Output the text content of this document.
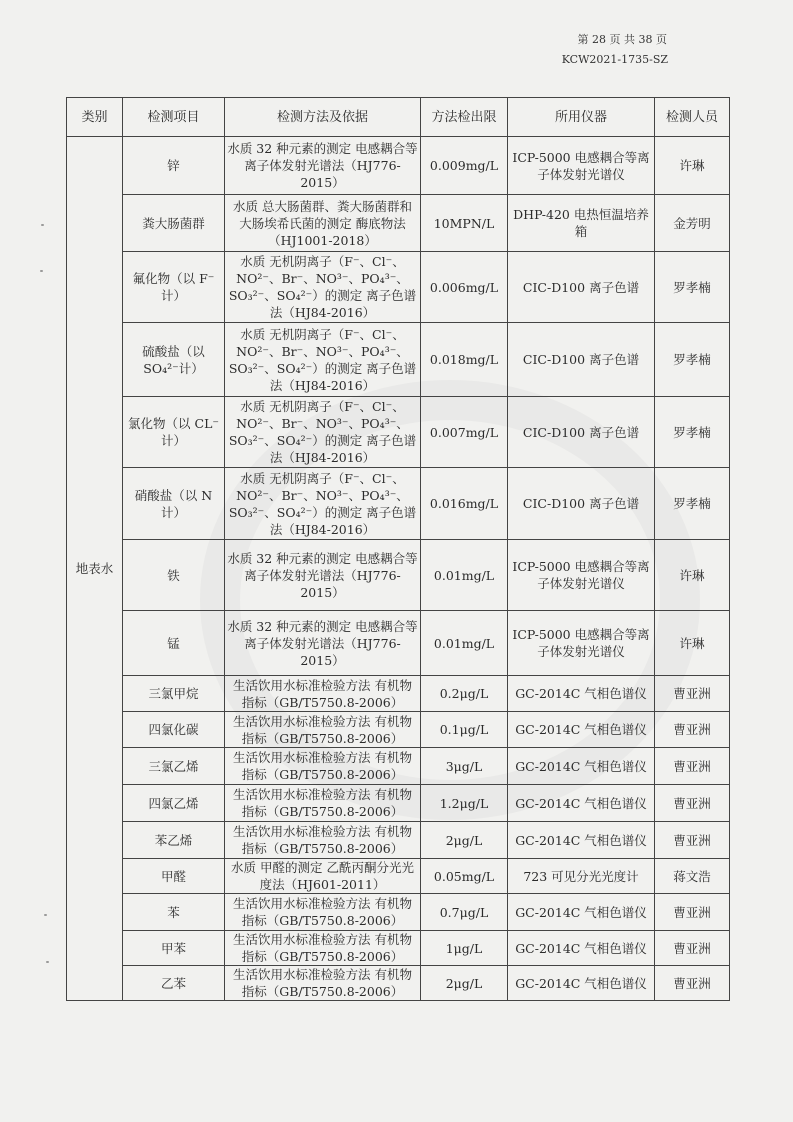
第 28 页 共 38 页
KCW2021-1735-SZ
类别	检测项目	检测方法及依据	方法检出限	所用仪器	检测人员
地表水	锌	水质 32 种元素的测定 电感耦合等离子体发射光谱法（HJ776-2015）	0.009mg/L	ICP-5000 电感耦合等离子体发射光谱仪	许琳
	粪大肠菌群	水质 总大肠菌群、粪大肠菌群和大肠埃希氏菌的测定 酶底物法（HJ1001-2018）	10MPN/L	DHP-420 电热恒温培养箱	金芳明
	氟化物（以 F⁻计）	水质 无机阴离子（F⁻、Cl⁻、NO²⁻、Br⁻、NO³⁻、PO₄³⁻、SO₃²⁻、SO₄²⁻）的测定 离子色谱法（HJ84-2016）	0.006mg/L	CIC-D100 离子色谱	罗孝楠
	硫酸盐（以 SO₄²⁻计）	水质 无机阴离子（F⁻、Cl⁻、NO²⁻、Br⁻、NO³⁻、PO₄³⁻、SO₃²⁻、SO₄²⁻）的测定 离子色谱法（HJ84-2016）	0.018mg/L	CIC-D100 离子色谱	罗孝楠
	氯化物（以 CL⁻计）	水质 无机阴离子（F⁻、Cl⁻、NO²⁻、Br⁻、NO³⁻、PO₄³⁻、SO₃²⁻、SO₄²⁻）的测定 离子色谱法（HJ84-2016）	0.007mg/L	CIC-D100 离子色谱	罗孝楠
	硝酸盐（以 N 计）	水质 无机阴离子（F⁻、Cl⁻、NO²⁻、Br⁻、NO³⁻、PO₄³⁻、SO₃²⁻、SO₄²⁻）的测定 离子色谱法（HJ84-2016）	0.016mg/L	CIC-D100 离子色谱	罗孝楠
	铁	水质 32 种元素的测定 电感耦合等离子体发射光谱法（HJ776-2015）	0.01mg/L	ICP-5000 电感耦合等离子体发射光谱仪	许琳
	锰	水质 32 种元素的测定 电感耦合等离子体发射光谱法（HJ776-2015）	0.01mg/L	ICP-5000 电感耦合等离子体发射光谱仪	许琳
	三氯甲烷	生活饮用水标准检验方法 有机物指标（GB/T5750.8-2006）	0.2μg/L	GC-2014C 气相色谱仪	曹亚洲
	四氯化碳	生活饮用水标准检验方法 有机物指标（GB/T5750.8-2006）	0.1μg/L	GC-2014C 气相色谱仪	曹亚洲
	三氯乙烯	生活饮用水标准检验方法 有机物指标（GB/T5750.8-2006）	3μg/L	GC-2014C 气相色谱仪	曹亚洲
	四氯乙烯	生活饮用水标准检验方法 有机物指标（GB/T5750.8-2006）	1.2μg/L	GC-2014C 气相色谱仪	曹亚洲
	苯乙烯	生活饮用水标准检验方法 有机物指标（GB/T5750.8-2006）	2μg/L	GC-2014C 气相色谱仪	曹亚洲
	甲醛	水质 甲醛的测定 乙酰丙酮分光光度法（HJ601-2011）	0.05mg/L	723 可见分光光度计	蒋文浩
	苯	生活饮用水标准检验方法 有机物指标（GB/T5750.8-2006）	0.7μg/L	GC-2014C 气相色谱仪	曹亚洲
	甲苯	生活饮用水标准检验方法 有机物指标（GB/T5750.8-2006）	1μg/L	GC-2014C 气相色谱仪	曹亚洲
	乙苯	生活饮用水标准检验方法 有机物指标（GB/T5750.8-2006）	2μg/L	GC-2014C 气相色谱仪	曹亚洲
